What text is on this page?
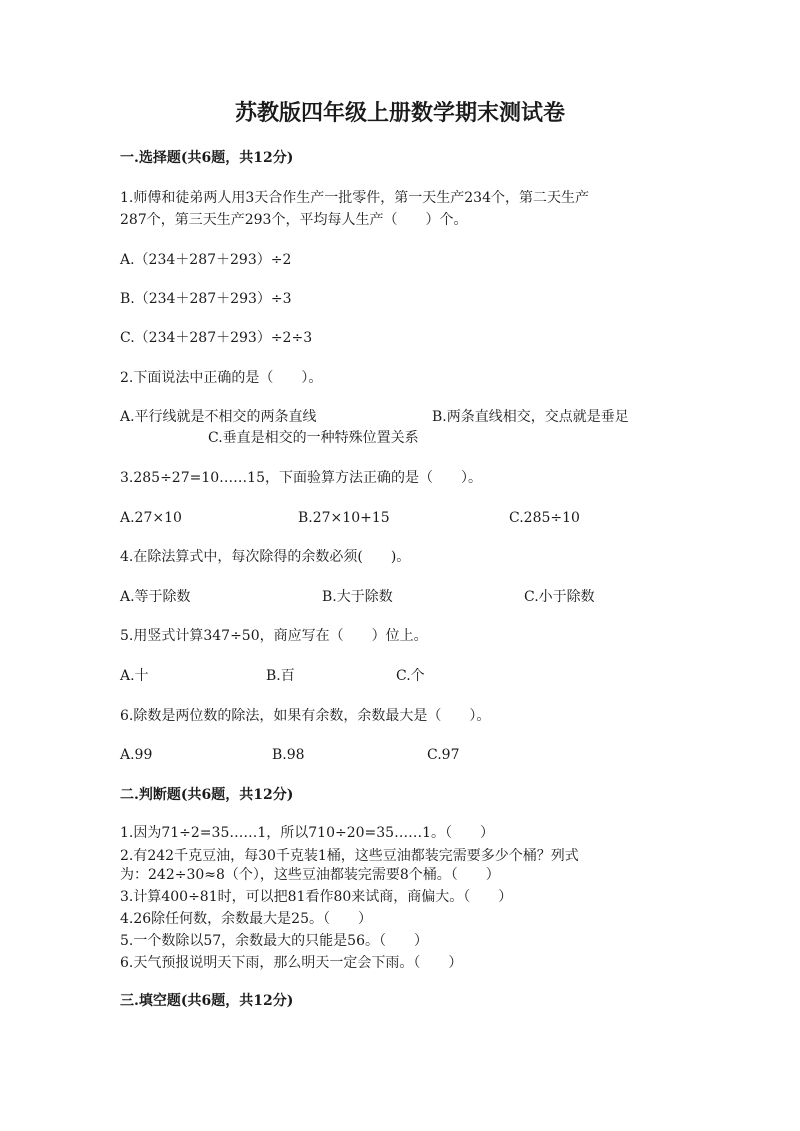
苏教版四年级上册数学期末测试卷
一.选择题(共6题，共12分)
1.师傅和徒弟两人用3天合作生产一批零件，第一天生产234个，第二天生产
287个，第三天生产293个，平均每人生产（　　）个。
A.（234＋287＋293）÷2
B.（234＋287＋293）÷3
C.（234＋287＋293）÷2÷3
2.下面说法中正确的是（　　）。
A.平行线就是不相交的两条直线	B.两条直线相交，交点就是垂足
C.垂直是相交的一种特殊位置关系
3.285÷27=10……15，下面验算方法正确的是（　　）。
A.27×10	B.27×10+15	C.285÷10
4.在除法算式中，每次除得的余数必须(　　)。
A.等于除数	B.大于除数	C.小于除数
5.用竖式计算347÷50，商应写在（　　）位上。
A.十	B.百	C.个
6.除数是两位数的除法，如果有余数，余数最大是（　　）。
A.99	B.98	C.97
二.判断题(共6题，共12分)
1.因为71÷2=35……1，所以710÷20=35……1。（　　）
2.有242千克豆油，每30千克装1桶，这些豆油都装完需要多少个桶？列式
为：242÷30≈8（个），这些豆油都装完需要8个桶。（　　）
3.计算400÷81时，可以把81看作80来试商，商偏大。（　　）
4.26除任何数，余数最大是25。（　　）
5.一个数除以57，余数最大的只能是56。（　　）
6.天气预报说明天下雨，那么明天一定会下雨。（　　）
三.填空题(共6题，共12分)
